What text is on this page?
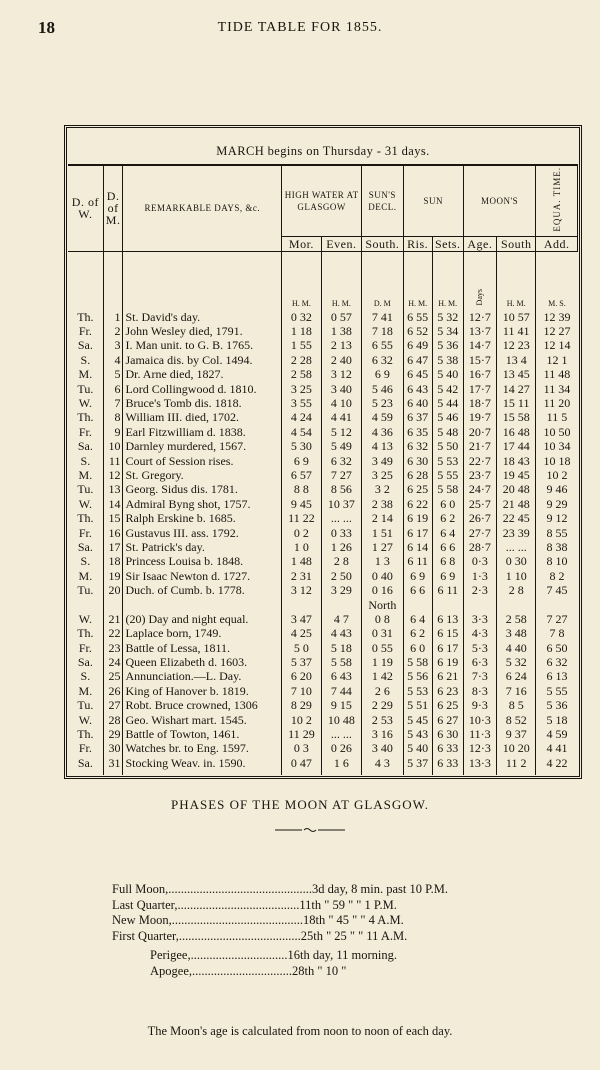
18	TIDE TABLE FOR 1855.
MARCH begins on Thursday - 31 days.
D. of W.	D. of M.	REMARKABLE DAYS, &c.	HIGH WATER AT GLASGOW		SUN'S DECL.	SUN		MOON'S		EQUA. TIME.
			Mor.	Even.	South.	Ris.	Sets.	Age.	South	Add.
			H. M.	H. M.	D. M	H. M.	H. M.	Days	H. M.	M. S.
Th.	1	St. David's day.	0 32	0 57	7 41	6 55	5 32	12·7	10 57	12 39
Fr.	2	John Wesley died, 1791.	1 18	1 38	7 18	6 52	5 34	13·7	11 41	12 27
Sa.	3	I. Man unit. to G. B. 1765.	1 55	2 13	6 55	6 49	5 36	14·7	12 23	12 14
S.	4	Jamaica dis. by Col. 1494.	2 28	2 40	6 32	6 47	5 38	15·7	13 4	12 1
M.	5	Dr. Arne died, 1827.	2 58	3 12	6 9	6 45	5 40	16·7	13 45	11 48
Tu.	6	Lord Collingwood d. 1810.	3 25	3 40	5 46	6 43	5 42	17·7	14 27	11 34
W.	7	Bruce's Tomb dis. 1818.	3 55	4 10	5 23	6 40	5 44	18·7	15 11	11 20
Th.	8	William III. died, 1702.	4 24	4 41	4 59	6 37	5 46	19·7	15 58	11 5
Fr.	9	Earl Fitzwilliam d. 1838.	4 54	5 12	4 36	6 35	5 48	20·7	16 48	10 50
Sa.	10	Darnley murdered, 1567.	5 30	5 49	4 13	6 32	5 50	21·7	17 44	10 34
S.	11	Court of Session rises.	6 9	6 32	3 49	6 30	5 53	22·7	18 43	10 18
M.	12	St. Gregory.	6 57	7 27	3 25	6 28	5 55	23·7	19 45	10 2
Tu.	13	Georg. Sidus dis. 1781.	8 8	8 56	3 2	6 25	5 58	24·7	20 48	9 46
W.	14	Admiral Byng shot, 1757.	9 45	10 37	2 38	6 22	6 0	25·7	21 48	9 29
Th.	15	Ralph Erskine b. 1685.	11 22	... ...	2 14	6 19	6 2	26·7	22 45	9 12
Fr.	16	Gustavus III. ass. 1792.	0 2	0 33	1 51	6 17	6 4	27·7	23 39	8 55
Sa.	17	St. Patrick's day.	1 0	1 26	1 27	6 14	6 6	28·7	... ...	8 38
S.	18	Princess Louisa b. 1848.	1 48	2 8	1 3	6 11	6 8	0·3	0 30	8 10
M.	19	Sir Isaac Newton d. 1727.	2 31	2 50	0 40	6 9	6 9	1·3	1 10	8 2
Tu.	20	Duch. of Cumb. b. 1778.	3 12	3 29	0 16	6 6	6 11	2·3	2 8	7 45
					North					
W.	21	(20) Day and night equal.	3 47	4 7	0 8	6 4	6 13	3·3	2 58	7 27
Th.	22	Laplace born, 1749.	4 25	4 43	0 31	6 2	6 15	4·3	3 48	7 8
Fr.	23	Battle of Lessa, 1811.	5 0	5 18	0 55	6 0	6 17	5·3	4 40	6 50
Sa.	24	Queen Elizabeth d. 1603.	5 37	5 58	1 19	5 58	6 19	6·3	5 32	6 32
S.	25	Annunciation.—L. Day.	6 20	6 43	1 42	5 56	6 21	7·3	6 24	6 13
M.	26	King of Hanover b. 1819.	7 10	7 44	2 6	5 53	6 23	8·3	7 16	5 55
Tu.	27	Robt. Bruce crowned, 1306	8 29	9 15	2 29	5 51	6 25	9·3	8 5	5 36
W.	28	Geo. Wishart mart. 1545.	10 2	10 48	2 53	5 45	6 27	10·3	8 52	5 18
Th.	29	Battle of Towton, 1461.	11 29	... ...	3 16	5 43	6 30	11·3	9 37	4 59
Fr.	30	Watches br. to Eng. 1597.	0 3	0 26	3 40	5 40	6 33	12·3	10 20	4 41
Sa.	31	Stocking Weav. in. 1590.	0 47	1 6	4 3	5 37	6 33	13·3	11 2	4 22

PHASES OF THE MOON AT GLASGOW.
Full Moon,..............................................3d day, 8 min. past 10 P.M.
Last Quarter,.......................................11th " 59 " " 1 P.M.
New Moon,..........................................18th " 45 " " 4 A.M.
First Quarter,.......................................25th " 25 " " 11 A.M.
Perigee,...............................16th day, 11 morning.
Apogee,................................28th " 10 "
The Moon's age is calculated from noon to noon of each day.
